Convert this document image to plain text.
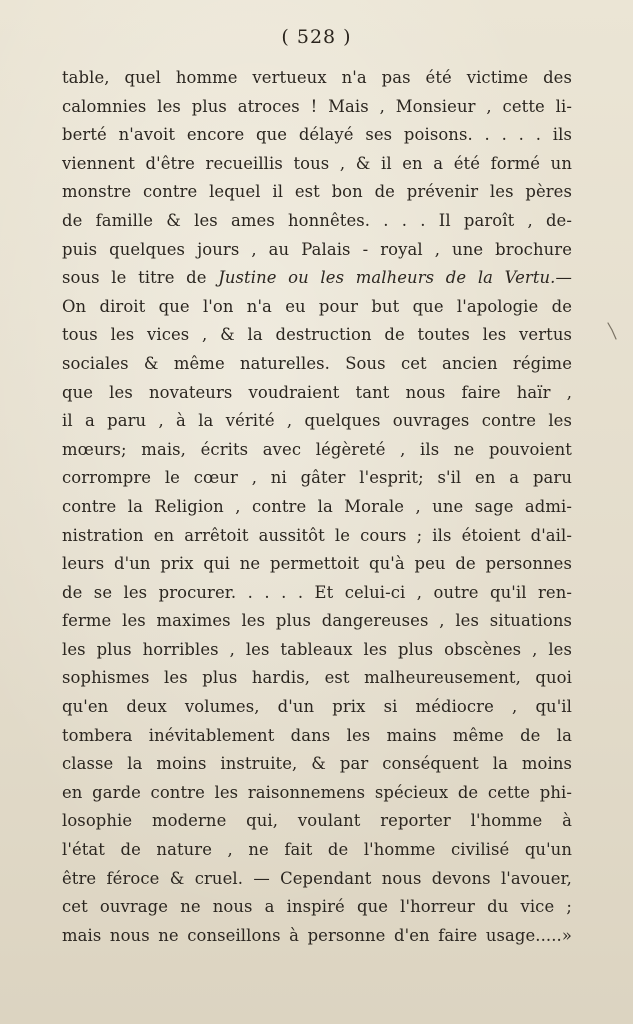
( 528 )
table, quel homme vertueux n'a pas été victime des
calomnies les plus atroces ! Mais , Monsieur , cette li-
berté n'avoit encore que délayé ses poisons. . . . . ils
viennent d'être recueillis tous , & il en a été formé un
monstre contre lequel il est bon de prévenir les pères
de famille & les ames honnêtes. . . . Il paroît , de-
puis quelques jours , au Palais - royal , une brochure
sous le titre de Justine ou les malheurs de la Vertu.—
On diroit que l'on n'a eu pour but que l'apologie de
tous les vices , & la destruction de toutes les vertus
sociales & même naturelles. Sous cet ancien régime
que les novateurs voudraient tant nous faire haïr ,
il a paru , à la vérité , quelques ouvrages contre les
mœurs; mais, écrits avec légèreté , ils ne pouvoient
corrompre le cœur , ni gâter l'esprit; s'il en a paru
contre la Religion , contre la Morale , une sage admi-
nistration en arrêtoit aussitôt le cours ; ils étoient d'ail-
leurs d'un prix qui ne permettoit qu'à peu de personnes
de se les procurer. . . . . Et celui-ci , outre qu'il ren-
ferme les maximes les plus dangereuses , les situations
les plus horribles , les tableaux les plus obscènes , les
sophismes les plus hardis, est malheureusement, quoi
qu'en deux volumes, d'un prix si médiocre , qu'il
tombera inévitablement dans les mains même de la
classe la moins instruite, & par conséquent la moins
en garde contre les raisonnemens spécieux de cette phi-
losophie moderne qui, voulant reporter l'homme à
l'état de nature , ne fait de l'homme civilisé qu'un
être féroce & cruel. — Cependant nous devons l'avouer,
cet ouvrage ne nous a inspiré que l'horreur du vice ;
mais nous ne conseillons à personne d'en faire usage.....»
